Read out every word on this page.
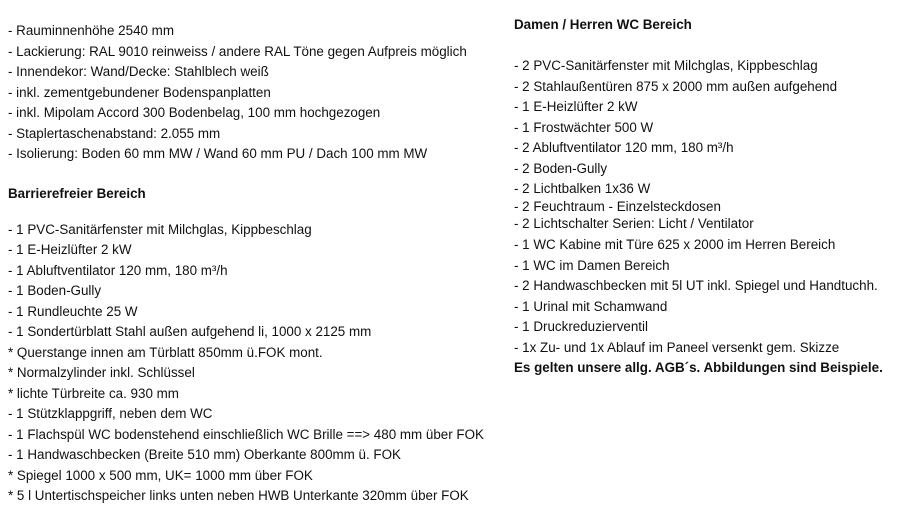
- Rauminnenhöhe 2540 mm
- Lackierung: RAL 9010 reinweiss / andere RAL Töne gegen Aufpreis möglich
- Innendekor: Wand/Decke: Stahlblech weiß
- inkl. zementgebundener Bodenspanplatten
- inkl. Mipolam Accord 300 Bodenbelag, 100 mm hochgezogen
- Staplertaschenabstand: 2.055 mm
- Isolierung: Boden 60 mm MW / Wand 60 mm PU / Dach 100 mm MW
Barrierefreier Bereich
- 1 PVC-Sanitärfenster mit Milchglas, Kippbeschlag
- 1 E-Heizlüfter 2 kW
- 1 Abluftventilator 120 mm, 180 m³/h
- 1 Boden-Gully
- 1 Rundleuchte 25 W
- 1 Sondertürblatt Stahl außen aufgehend li, 1000 x 2125 mm
* Querstange innen am Türblatt 850mm ü.FOK mont.
* Normalzylinder inkl. Schlüssel
* lichte Türbreite ca. 930 mm
- 1 Stützklappgriff, neben dem WC
- 1 Flachspül WC bodenstehend einschließlich WC Brille ==> 480 mm über FOK
- 1 Handwaschbecken (Breite 510 mm) Oberkante 800mm ü. FOK
* Spiegel 1000 x 500 mm, UK= 1000 mm über FOK
* 5 l Untertischspeicher links unten neben HWB Unterkante 320mm über FOK
Damen / Herren WC Bereich
- 2 PVC-Sanitärfenster mit Milchglas, Kippbeschlag
- 2 Stahlaußentüren 875 x 2000 mm außen aufgehend
- 1 E-Heizlüfter 2 kW
- 1 Frostwächter 500 W
- 2 Abluftventilator 120 mm, 180 m³/h
- 2 Boden-Gully
- 2 Lichtbalken 1x36 W
- 2 Feuchtraum - Einzelsteckdosen
- 2 Lichtschalter Serien: Licht / Ventilator
- 1 WC Kabine mit Türe 625 x 2000 im Herren Bereich
- 1 WC im Damen Bereich
- 2 Handwaschbecken mit 5l UT inkl. Spiegel und Handtuchh.
- 1 Urinal mit Schamwand
- 1 Druckreduzierventil
- 1x Zu- und 1x Ablauf im Paneel versenkt gem. Skizze
Es gelten unsere allg. AGB´s. Abbildungen sind Beispiele.
